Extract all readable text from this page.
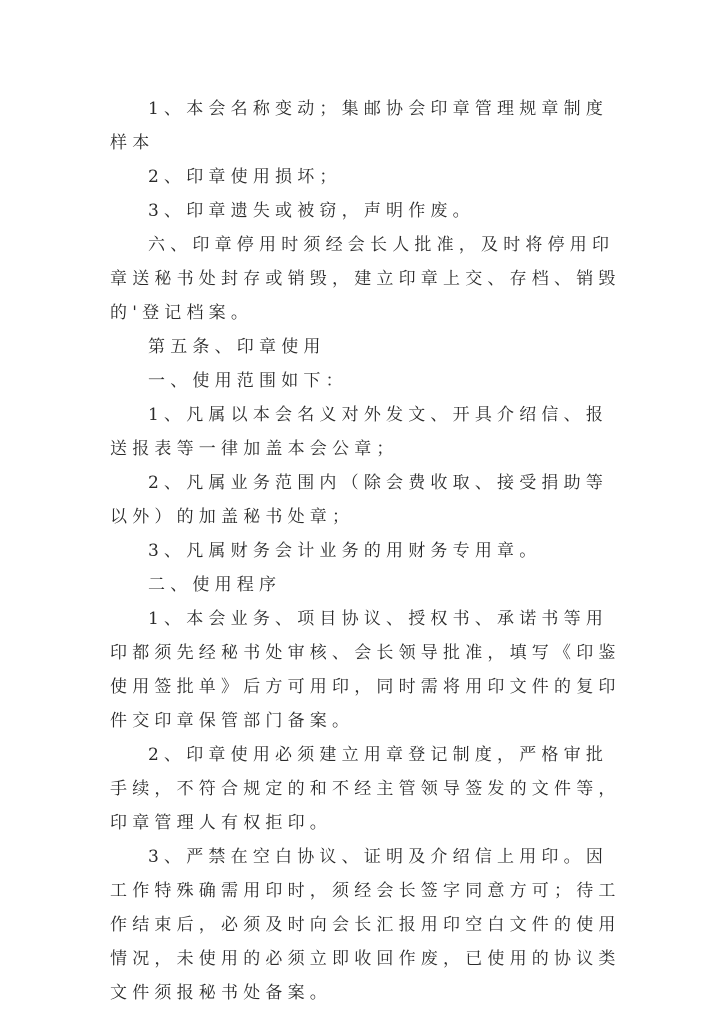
1、本会名称变动；集邮协会印章管理规章制度样本

2、印章使用损坏；

3、印章遗失或被窃，声明作废。

六、印章停用时须经会长人批准，及时将停用印章送秘书处封存或销毁，建立印章上交、存档、销毁的'登记档案。

第五条、印章使用

一、使用范围如下：

1、凡属以本会名义对外发文、开具介绍信、报送报表等一律加盖本会公章；

2、凡属业务范围内（除会费收取、接受捐助等以外）的加盖秘书处章；

3、凡属财务会计业务的用财务专用章。

二、使用程序

1、本会业务、项目协议、授权书、承诺书等用印都须先经秘书处审核、会长领导批准，填写《印鉴使用签批单》后方可用印，同时需将用印文件的复印件交印章保管部门备案。

2、印章使用必须建立用章登记制度，严格审批手续，不符合规定的和不经主管领导签发的文件等，印章管理人有权拒印。

3、严禁在空白协议、证明及介绍信上用印。因工作特殊确需用印时，须经会长签字同意方可；待工作结束后，必须及时向会长汇报用印空白文件的使用情况，未使用的必须立即收回作废，已使用的协议类文件须报秘书处备案。
